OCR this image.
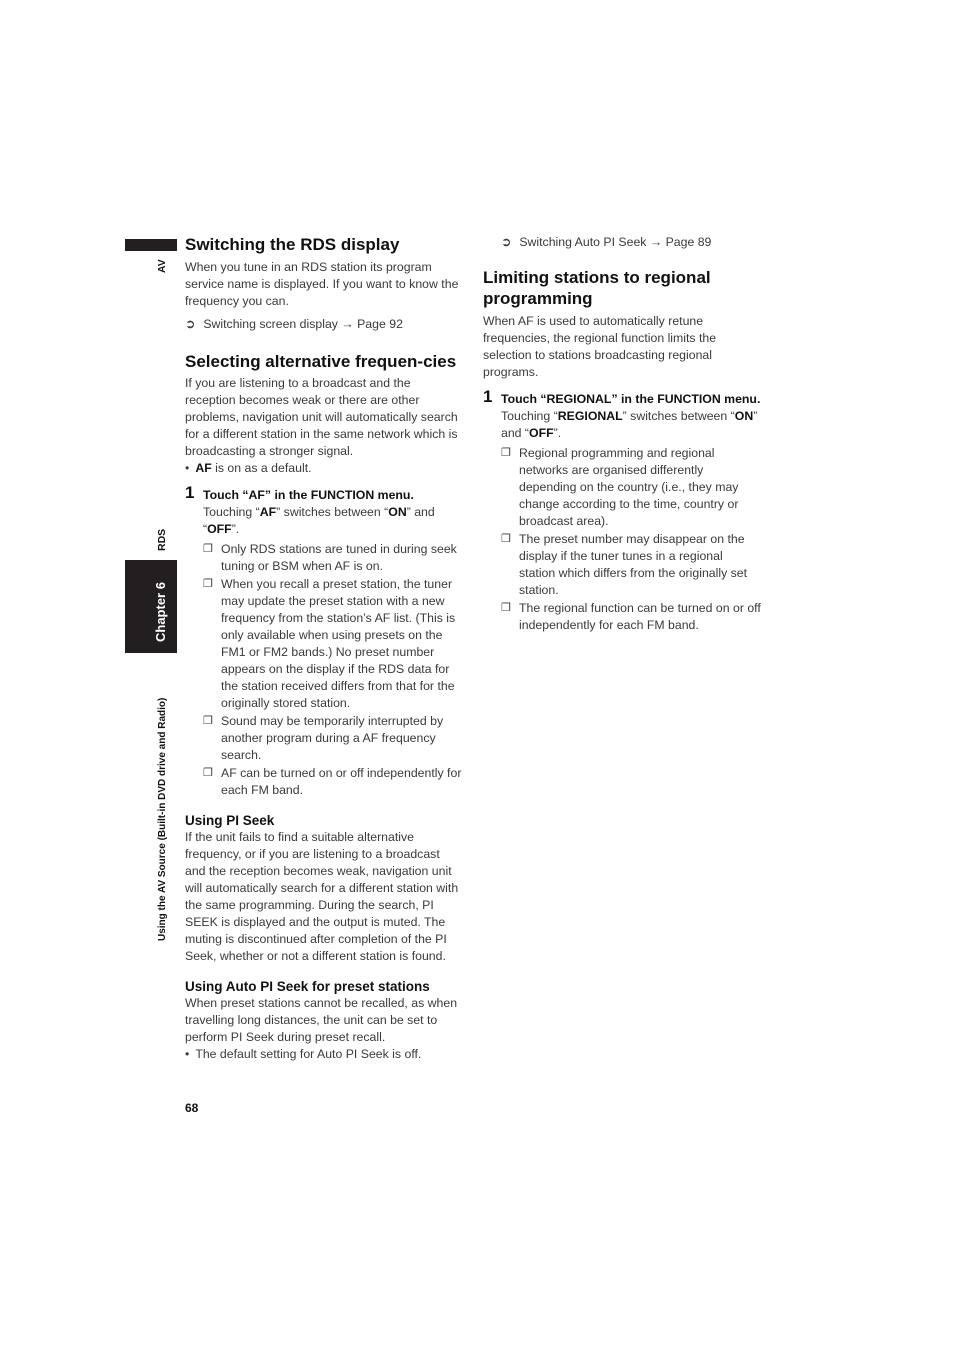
AV
RDS
Chapter 6
Using the AV Source (Built-in DVD drive and Radio)
Switching the RDS display

When you tune in an RDS station its program service name is displayed. If you want to know the frequency you can.

➲ Switching screen display → Page 92
Selecting alternative frequen-cies

If you are listening to a broadcast and the reception becomes weak or there are other problems, navigation unit will automatically search for a different station in the same network which is broadcasting a stronger signal.

• AF is on as a default.
1 Touch “AF” in the FUNCTION menu.
Touching “AF” switches between “ON” and “OFF”.
❐ Only RDS stations are tuned in during seek tuning or BSM when AF is on.
❐ When you recall a preset station, the tuner may update the preset station with a new frequency from the station’s AF list. (This is only available when using presets on the FM1 or FM2 bands.) No preset number appears on the display if the RDS data for the station received differs from that for the originally stored station.
❐ Sound may be temporarily interrupted by another program during a AF frequency search.
❐ AF can be turned on or off independently for each FM band.
Using PI Seek

If the unit fails to find a suitable alternative frequency, or if you are listening to a broadcast and the reception becomes weak, navigation unit will automatically search for a different station with the same programming. During the search, PI SEEK is displayed and the output is muted. The muting is discontinued after completion of the PI Seek, whether or not a different station is found.

Using Auto PI Seek for preset stations

When preset stations cannot be recalled, as when travelling long distances, the unit can be set to perform PI Seek during preset recall.

• The default setting for Auto PI Seek is off.
➲ Switching Auto PI Seek → Page 89
Limiting stations to regional programming

When AF is used to automatically retune frequencies, the regional function limits the selection to stations broadcasting regional programs.

1 Touch “REGIONAL” in the FUNCTION menu.
Touching “REGIONAL” switches between “ON” and “OFF”.
❐ Regional programming and regional networks are organised differently depending on the country (i.e., they may change according to the time, country or broadcast area).
❐ The preset number may disappear on the display if the tuner tunes in a regional station which differs from the originally set station.
❐ The regional function can be turned on or off independently for each FM band.
68
